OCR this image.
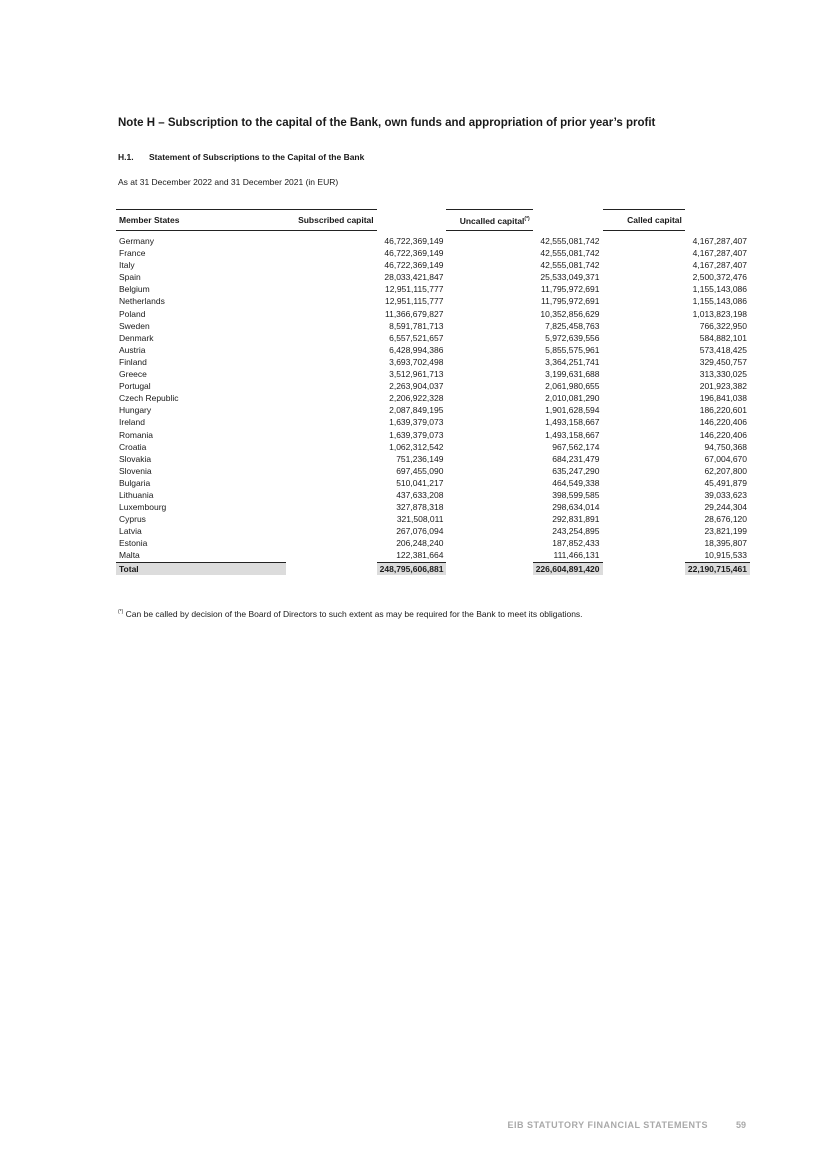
Note H – Subscription to the capital of the Bank, own funds and appropriation of prior year’s profit
H.1. Statement of Subscriptions to the Capital of the Bank

As at 31 December 2022 and 31 December 2021 (in EUR)

Member States	Subscribed capital		Uncalled capital(*)		Called capital	
Germany		46,722,369,149		42,555,081,742		4,167,287,407
France		46,722,369,149		42,555,081,742		4,167,287,407
Italy		46,722,369,149		42,555,081,742		4,167,287,407
Spain		28,033,421,847		25,533,049,371		2,500,372,476
Belgium		12,951,115,777		11,795,972,691		1,155,143,086
Netherlands		12,951,115,777		11,795,972,691		1,155,143,086
Poland		11,366,679,827		10,352,856,629		1,013,823,198
Sweden		8,591,781,713		7,825,458,763		766,322,950
Denmark		6,557,521,657		5,972,639,556		584,882,101
Austria		6,428,994,386		5,855,575,961		573,418,425
Finland		3,693,702,498		3,364,251,741		329,450,757
Greece		3,512,961,713		3,199,631,688		313,330,025
Portugal		2,263,904,037		2,061,980,655		201,923,382
Czech Republic		2,206,922,328		2,010,081,290		196,841,038
Hungary		2,087,849,195		1,901,628,594		186,220,601
Ireland		1,639,379,073		1,493,158,667		146,220,406
Romania		1,639,379,073		1,493,158,667		146,220,406
Croatia		1,062,312,542		967,562,174		94,750,368
Slovakia		751,236,149		684,231,479		67,004,670
Slovenia		697,455,090		635,247,290		62,207,800
Bulgaria		510,041,217		464,549,338		45,491,879
Lithuania		437,633,208		398,599,585		39,033,623
Luxembourg		327,878,318		298,634,014		29,244,304
Cyprus		321,508,011		292,831,891		28,676,120
Latvia		267,076,094		243,254,895		23,821,199
Estonia		206,248,240		187,852,433		18,395,807
Malta		122,381,664		111,466,131		10,915,533
Total		248,795,606,881		226,604,891,420		22,190,715,461

(*) Can be called by decision of the Board of Directors to such extent as may be required for the Bank to meet its obligations.

EIB STATUTORY FINANCIAL STATEMENTS	59
